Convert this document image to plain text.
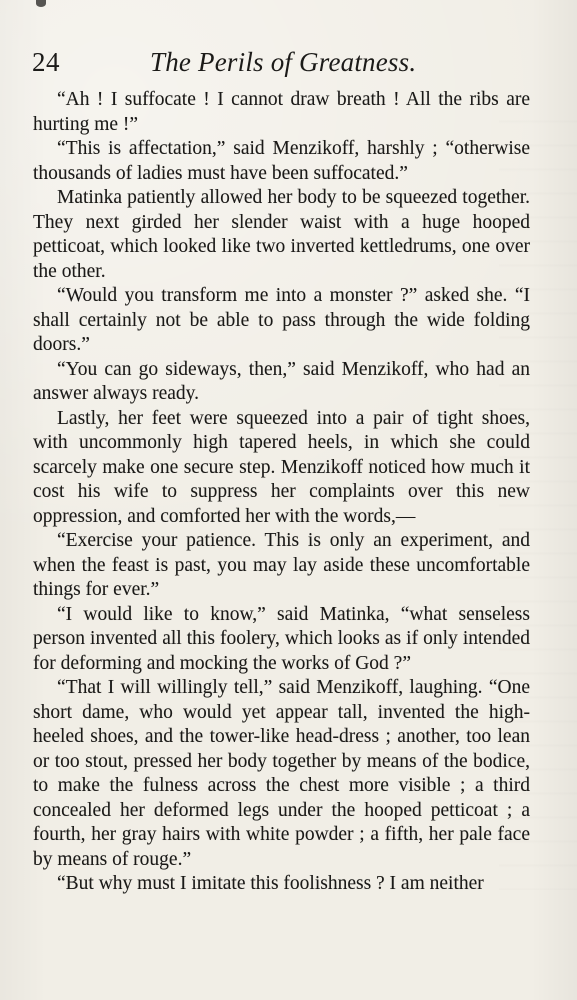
24	The Perils of Greatness.

“Ah ! I suffocate ! I cannot draw breath ! All the ribs are hurting me !”

“This is affectation,” said Menzikoff, harshly ; “otherwise thousands of ladies must have been suffocated.”

Matinka patiently allowed her body to be squeezed together. They next girded her slender waist with a huge hooped petticoat, which looked like two inverted kettledrums, one over the other.

“Would you transform me into a monster ?” asked she. “I shall certainly not be able to pass through the wide folding doors.”

“You can go sideways, then,” said Menzikoff, who had an answer always ready.

Lastly, her feet were squeezed into a pair of tight shoes, with uncommonly high tapered heels, in which she could scarcely make one secure step. Menzikoff noticed how much it cost his wife to suppress her complaints over this new oppression, and comforted her with the words,—

“Exercise your patience. This is only an experiment, and when the feast is past, you may lay aside these uncomfortable things for ever.”

“I would like to know,” said Matinka, “what senseless person invented all this foolery, which looks as if only intended for deforming and mocking the works of God ?”

“That I will willingly tell,” said Menzikoff, laughing. “One short dame, who would yet appear tall, invented the high-heeled shoes, and the tower-like head-dress ; another, too lean or too stout, pressed her body together by means of the bodice, to make the fulness across the chest more visible ; a third concealed her deformed legs under the hooped petticoat ; a fourth, her gray hairs with white powder ; a fifth, her pale face by means of rouge.”

“But why must I imitate this foolishness ? I am neither
